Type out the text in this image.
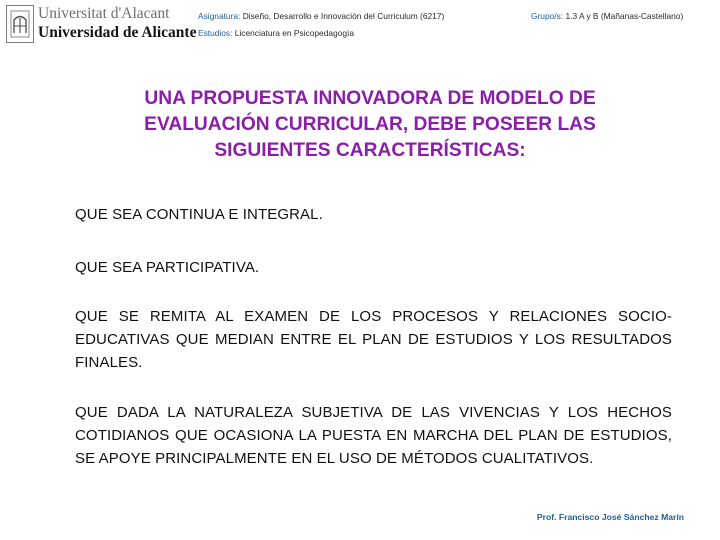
Universitat d'Alacant
Universidad de Alicante
Asignatura: Diseño, Desarrollo e Innovación del Curriculum (6217)	Grupo/s: 1.3 A y B (Mañanas-Castellano)
Estudios: Licenciatura en Psicopedagogía
UNA PROPUESTA INNOVADORA DE MODELO DE
EVALUACIÓN CURRICULAR, DEBE POSEER LAS
SIGUIENTES CARACTERÍSTICAS:
QUE SEA CONTINUA E INTEGRAL.
QUE SEA PARTICIPATIVA.
QUE SE REMITA AL EXAMEN DE LOS PROCESOS Y RELACIONES SOCIO-EDUCATIVAS QUE MEDIAN ENTRE EL PLAN DE ESTUDIOS Y LOS RESULTADOS FINALES.
QUE DADA LA NATURALEZA SUBJETIVA DE LAS VIVENCIAS Y LOS HECHOS COTIDIANOS QUE OCASIONA LA PUESTA EN MARCHA DEL PLAN DE ESTUDIOS, SE APOYE PRINCIPALMENTE EN EL USO DE MÉTODOS CUALITATIVOS.
Prof. Francisco José Sánchez Marín
